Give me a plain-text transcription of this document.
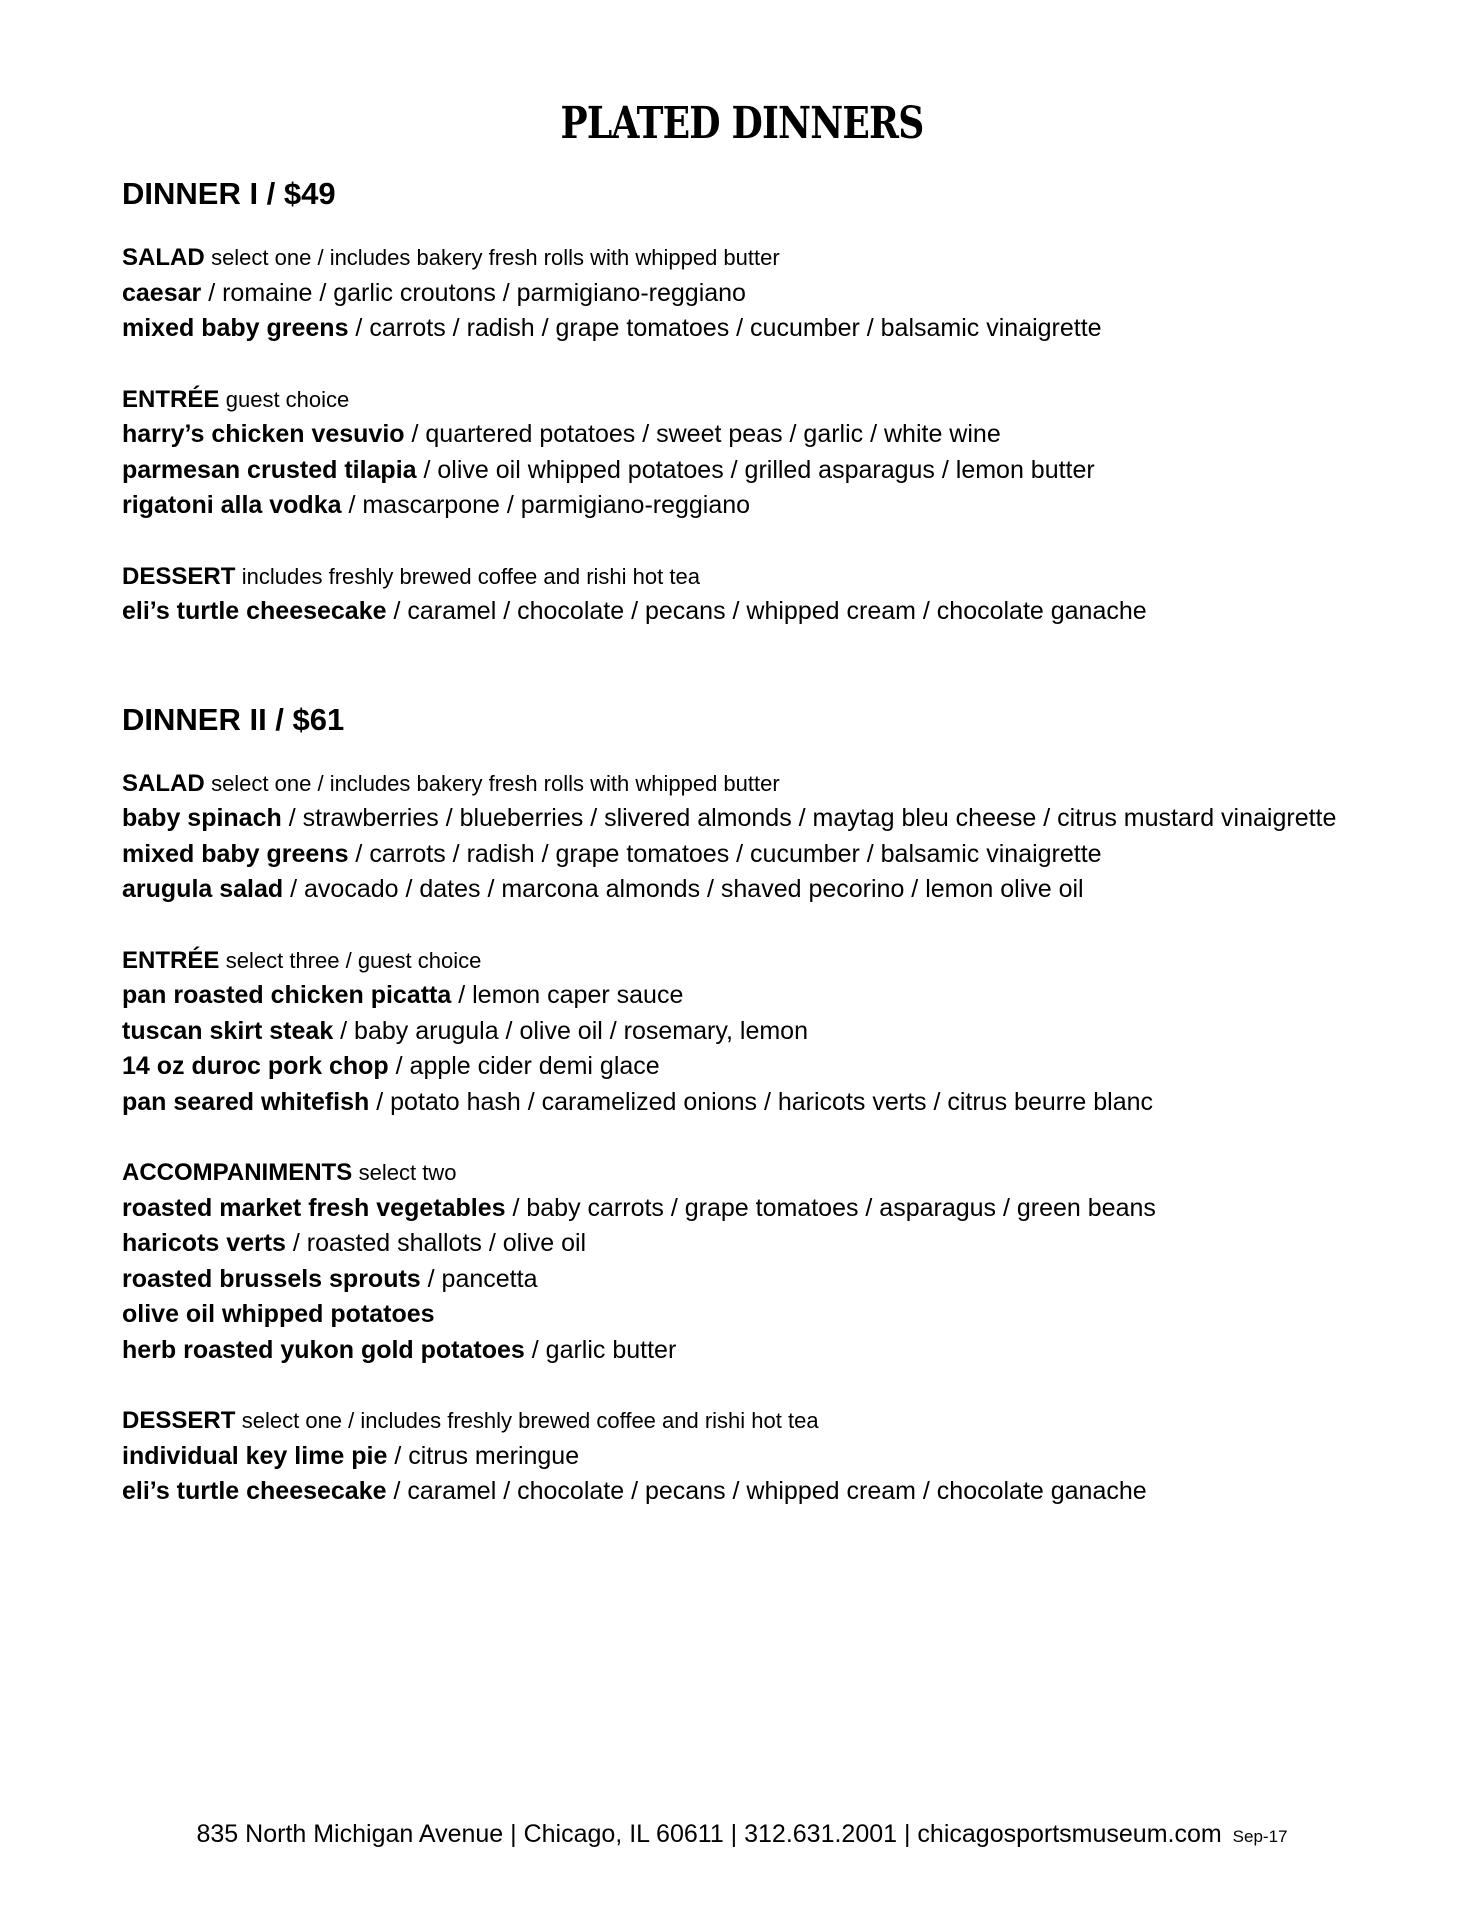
PLATED DINNERS
DINNER I / $49
SALAD select one / includes bakery fresh rolls with whipped butter
caesar / romaine / garlic croutons / parmigiano-reggiano
mixed baby greens / carrots / radish / grape tomatoes / cucumber / balsamic vinaigrette
ENTRÉE guest choice
harry’s chicken vesuvio / quartered potatoes / sweet peas / garlic / white wine
parmesan crusted tilapia / olive oil whipped potatoes / grilled asparagus / lemon butter
rigatoni alla vodka / mascarpone / parmigiano-reggiano
DESSERT includes freshly brewed coffee and rishi hot tea
eli’s turtle cheesecake / caramel / chocolate / pecans / whipped cream / chocolate ganache
DINNER II / $61
SALAD select one / includes bakery fresh rolls with whipped butter
baby spinach / strawberries / blueberries / slivered almonds / maytag bleu cheese / citrus mustard vinaigrette
mixed baby greens / carrots / radish / grape tomatoes / cucumber / balsamic vinaigrette
arugula salad / avocado / dates / marcona almonds / shaved pecorino / lemon olive oil
ENTRÉE select three / guest choice
pan roasted chicken picatta / lemon caper sauce
tuscan skirt steak / baby arugula / olive oil / rosemary, lemon
14 oz duroc pork chop / apple cider demi glace
pan seared whitefish / potato hash / caramelized onions / haricots verts / citrus beurre blanc
ACCOMPANIMENTS select two
roasted market fresh vegetables / baby carrots / grape tomatoes / asparagus / green beans
haricots verts / roasted shallots / olive oil
roasted brussels sprouts / pancetta
olive oil whipped potatoes
herb roasted yukon gold potatoes / garlic butter
DESSERT select one / includes freshly brewed coffee and rishi hot tea
individual key lime pie / citrus meringue
eli’s turtle cheesecake / caramel / chocolate / pecans / whipped cream / chocolate ganache
835 North Michigan Avenue | Chicago, IL 60611 | 312.631.2001 | chicagosportsmuseum.com Sep-17
